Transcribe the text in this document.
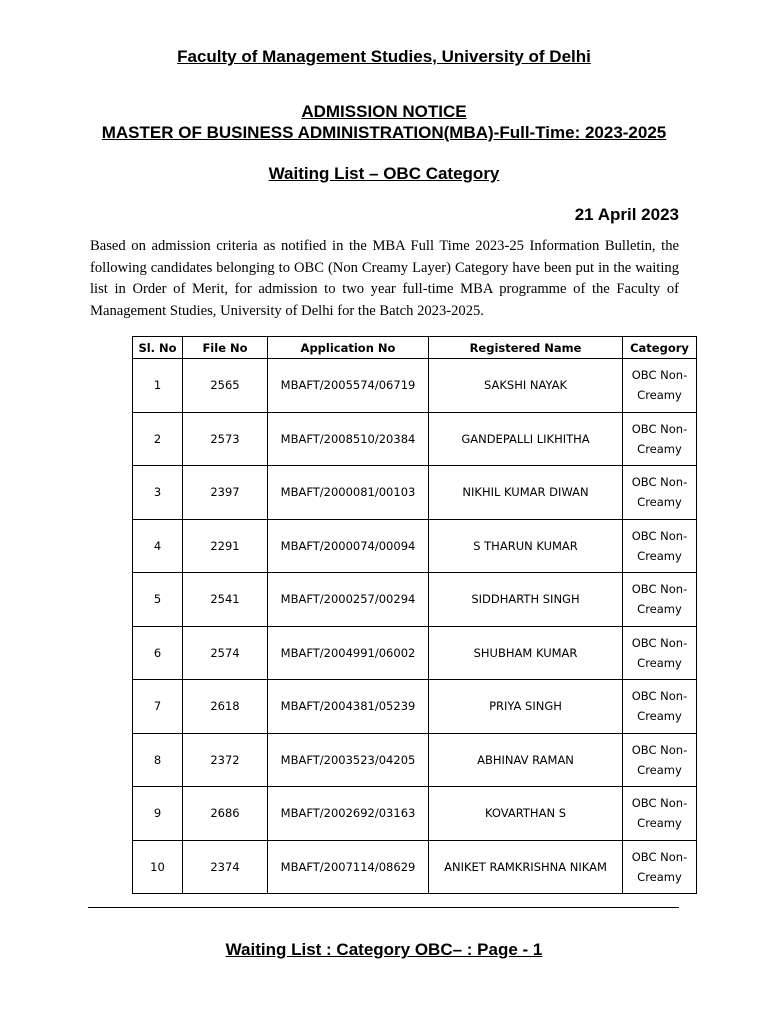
Faculty of Management Studies, University of Delhi
ADMISSION NOTICE
MASTER OF BUSINESS ADMINISTRATION(MBA)-Full-Time: 2023-2025
Waiting List – OBC Category
21 April 2023
Based on admission criteria as notified in the MBA Full Time 2023-25 Information Bulletin, the following candidates belonging to OBC (Non Creamy Layer) Category have been put in the waiting list in Order of Merit, for admission to two year full-time MBA programme of the Faculty of Management Studies, University of Delhi for the Batch 2023-2025.
Sl. No	File No	Application No	Registered Name	Category
1	2565	MBAFT/2005574/06719	SAKSHI NAYAK	OBC Non-
Creamy

2	2573	MBAFT/2008510/20384	GANDEPALLI LIKHITHA	OBC Non-
Creamy

3	2397	MBAFT/2000081/00103	NIKHIL KUMAR DIWAN	OBC Non-
Creamy

4	2291	MBAFT/2000074/00094	S THARUN KUMAR	OBC Non-
Creamy

5	2541	MBAFT/2000257/00294	SIDDHARTH SINGH	OBC Non-
Creamy

6	2574	MBAFT/2004991/06002	SHUBHAM KUMAR	OBC Non-
Creamy

7	2618	MBAFT/2004381/05239	PRIYA SINGH	OBC Non-
Creamy

8	2372	MBAFT/2003523/04205	ABHINAV RAMAN	OBC Non-
Creamy

9	2686	MBAFT/2002692/03163	KOVARTHAN S	OBC Non-
Creamy

10	2374	MBAFT/2007114/08629	ANIKET RAMKRISHNA NIKAM	OBC Non-
Creamy
Waiting List : Category OBC– : Page - 1
